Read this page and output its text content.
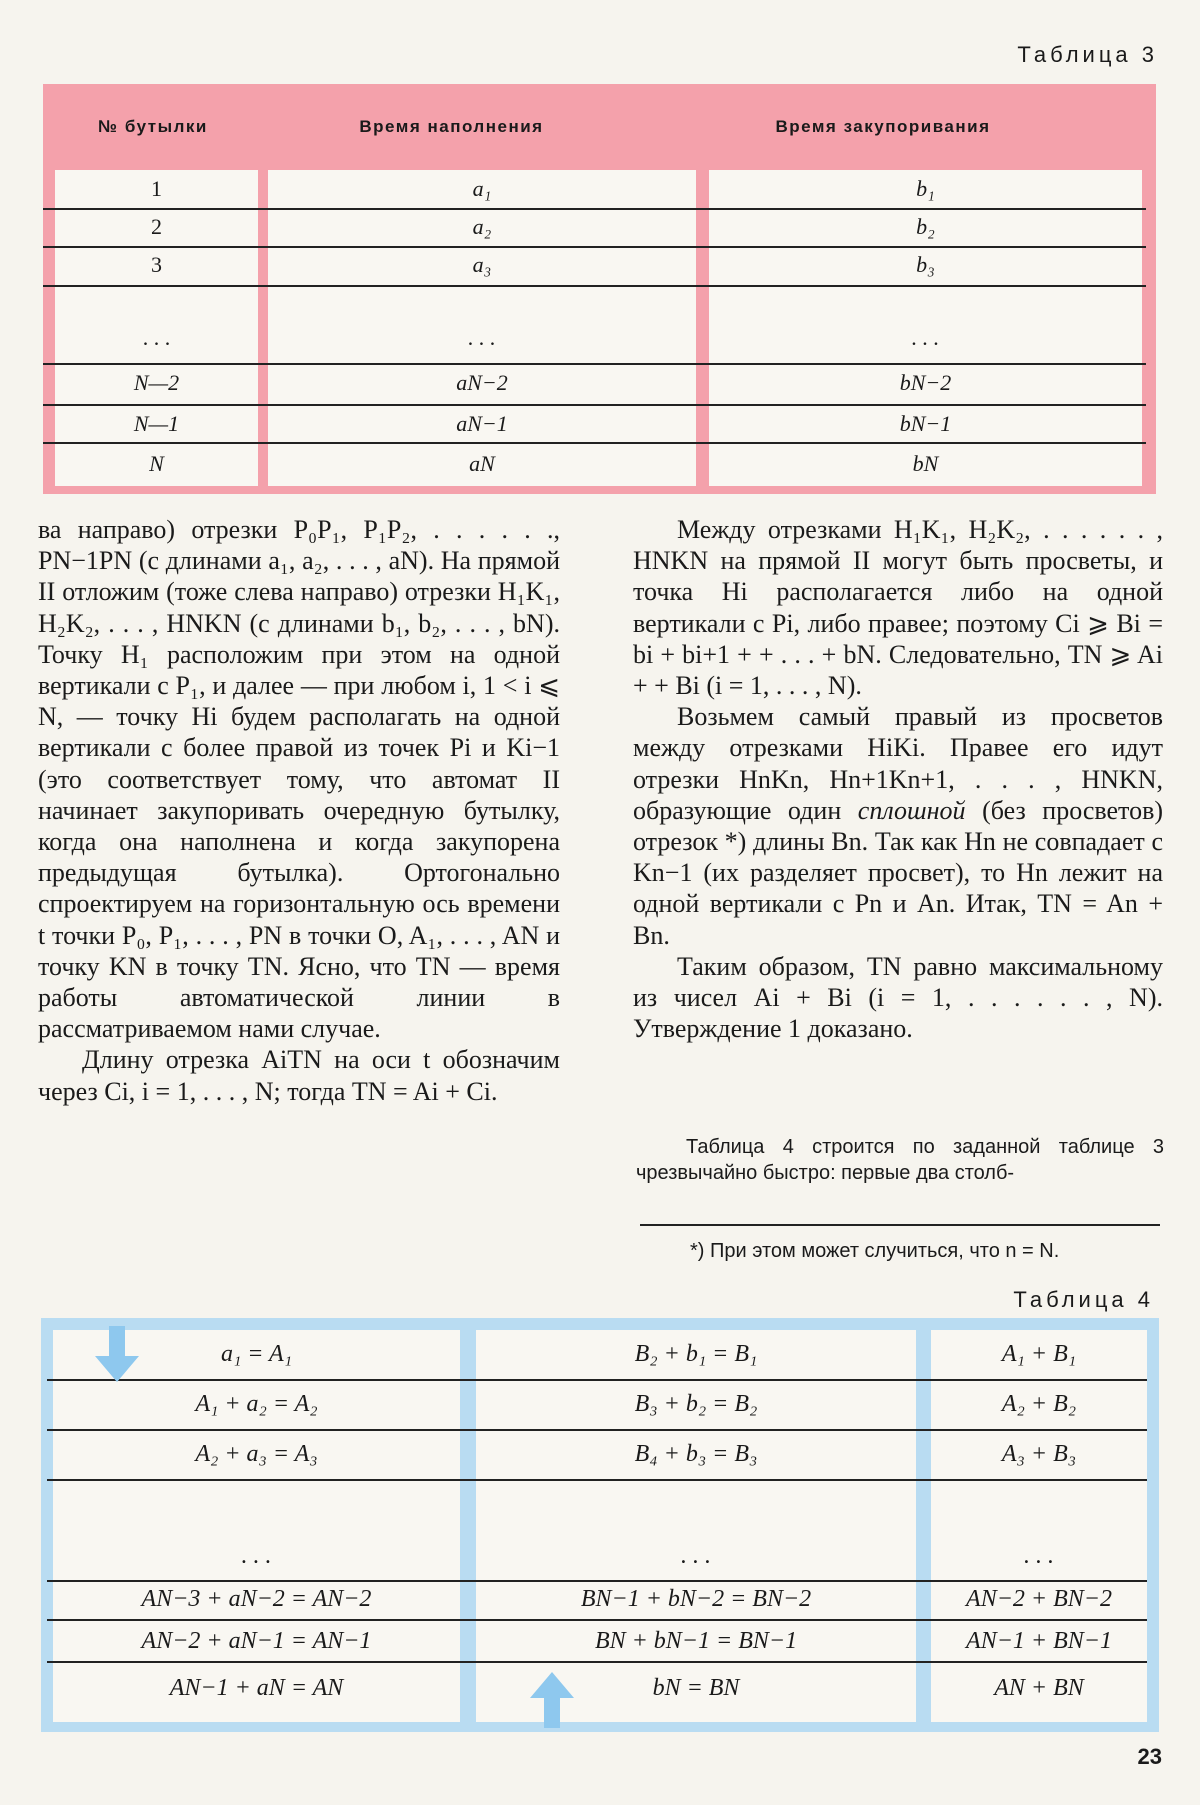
Таблица 3
№ бутылки	Время наполнения	Время закупоривания
1	a₁	b₁
2	a₂	b₂
3	a₃	b₃
. . .	. . .	. . .
N—2	aN−2	bN−2
N—1	aN−1	bN−1
N	aN	bN

ва направо) отрезки P₀P₁, P₁P₂, . . . . . ., PN−1PN (с длинами a₁, a₂, . . . , aN). На прямой II отложим (тоже слева направо) отрезки H₁K₁, H₂K₂, . . . , HNKN (с длинами b₁, b₂, . . . , bN). Точку H₁ расположим при этом на одной вертикали с P₁, и далее — при любом i, 1 < i ⩽ N, — точку Hi будем располагать на одной вертикали с более правой из точек Pi и Ki−1 (это соответствует тому, что автомат II начинает закупоривать очередную бутылку, когда она наполнена и когда закупорена предыдущая бутылка). Ортогонально спроектируем на горизонтальную ось времени t точки P₀, P₁, . . . , PN в точки O, A₁, . . . , AN и точку KN в точку TN. Ясно, что TN — время работы автоматической линии в рассматриваемом нами случае.

Длину отрезка AiTN на оси t обозначим через Ci, i = 1, . . . , N; тогда TN = Ai + Ci.

Между отрезками H₁K₁, H₂K₂, . . . . . . , HNKN на прямой II могут быть просветы, и точка Hi располагается либо на одной вертикали с Pi, либо правее; поэтому Ci ⩾ Bi = bi + bi+1 + + . . . + bN. Следовательно, TN ⩾ Ai + + Bi (i = 1, . . . , N).

Возьмем самый правый из просветов между отрезками HiKi. Правее его идут отрезки HnKn, Hn+1Kn+1, . . . , HNKN, образующие один сплошной (без просветов) отрезок *) длины Bn. Так как Hn не совпадает с Kn−1 (их разделяет просвет), то Hn лежит на одной вертикали с Pn и An. Итак, TN = An + Bn.

Таким образом, TN равно максимальному из чисел Ai + Bi (i = 1, . . . . . . , N). Утверждение 1 доказано.

Таблица 4 строится по заданной таблице 3 чрезвычайно быстро: первые два столб-
*) При этом может случиться, что n = N.
Таблица 4
a₁ = A₁	B₂ + b₁ = B₁	A₁ + B₁
A₁ + a₂ = A₂	B₃ + b₂ = B₂	A₂ + B₂
A₂ + a₃ = A₃	B₄ + b₃ = B₃	A₃ + B₃
. . .	. . .	. . .
AN−3 + aN−2 = AN−2	BN−1 + bN−2 = BN−2	AN−2 + BN−2
AN−2 + aN−1 = AN−1	BN + bN−1 = BN−1	AN−1 + BN−1
AN−1 + aN = AN	bN = BN	AN + BN
23
